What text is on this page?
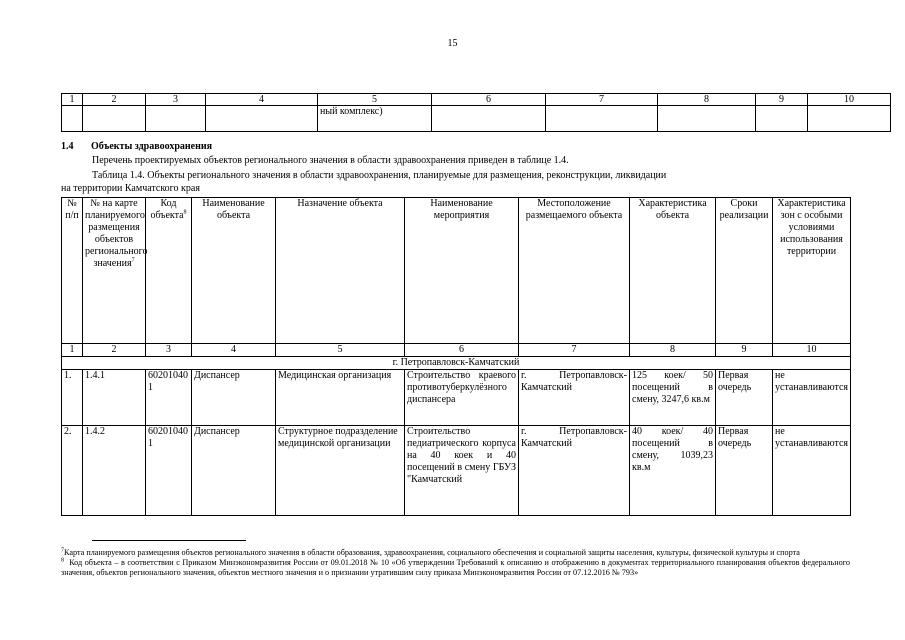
15
1	2	3	4	5	6	7	8	9	10
				ный комплекс)					
1.4 Объекты здравоохранения
Перечень проектируемых объектов регионального значения в области здравоохранения приведен в таблице 1.4.
Таблица 1.4. Объекты регионального значения в области здравоохранения, планируемые для размещения, реконструкции, ликвидации
на территории Камчатского края
№ п/п	№ на карте планируемого размещения объектов регионального значения$^7$	Код объекта$^8$	Наименование объекта	Назначение объекта	Наименование мероприятия	Местоположение размещаемого объекта	Характеристика объекта	Сроки реализации	Характеристика зон с особыми условиями использования территории
1	2	3	4	5	6	7	8	9	10
г. Петропавловск-Камчатский									
1.	1.4.1	602010401	Диспансер	Медицинская организация	Строительство краевого противотуберкулёзного диспансера	г. Петропавловск-Камчатский	125 коек/ 50 посещений в смену, 3247,6 кв.м	Первая очередь	не устанавливаются
2.	1.4.2	602010401	Диспансер	Структурное подразделение медицинской организации	Строительство педиатрического корпуса на 40 коек и 40 посещений в смену ГБУЗ "Камчатский	г. Петропавловск-Камчатский	40 коек/ 40 посещений в смену, 1039,23 кв.м	Первая очередь	не устанавливаются

$^7$Карта планируемого размещения объектов регионального значения в области образования, здравоохранения, социального обеспечения и социальной защиты населения, культуры, физической культуры и спорта

$^8$ Код объекта – в соответствии с Приказом Минэкономразвития России от 09.01.2018 № 10 «Об утверждении Требований к описанию и отображению в документах территориального планирования объектов федерального значения, объектов регионального значения, объектов местного значения и о признании утратившим силу приказа Минэкономразвития России от 07.12.2016 № 793»
